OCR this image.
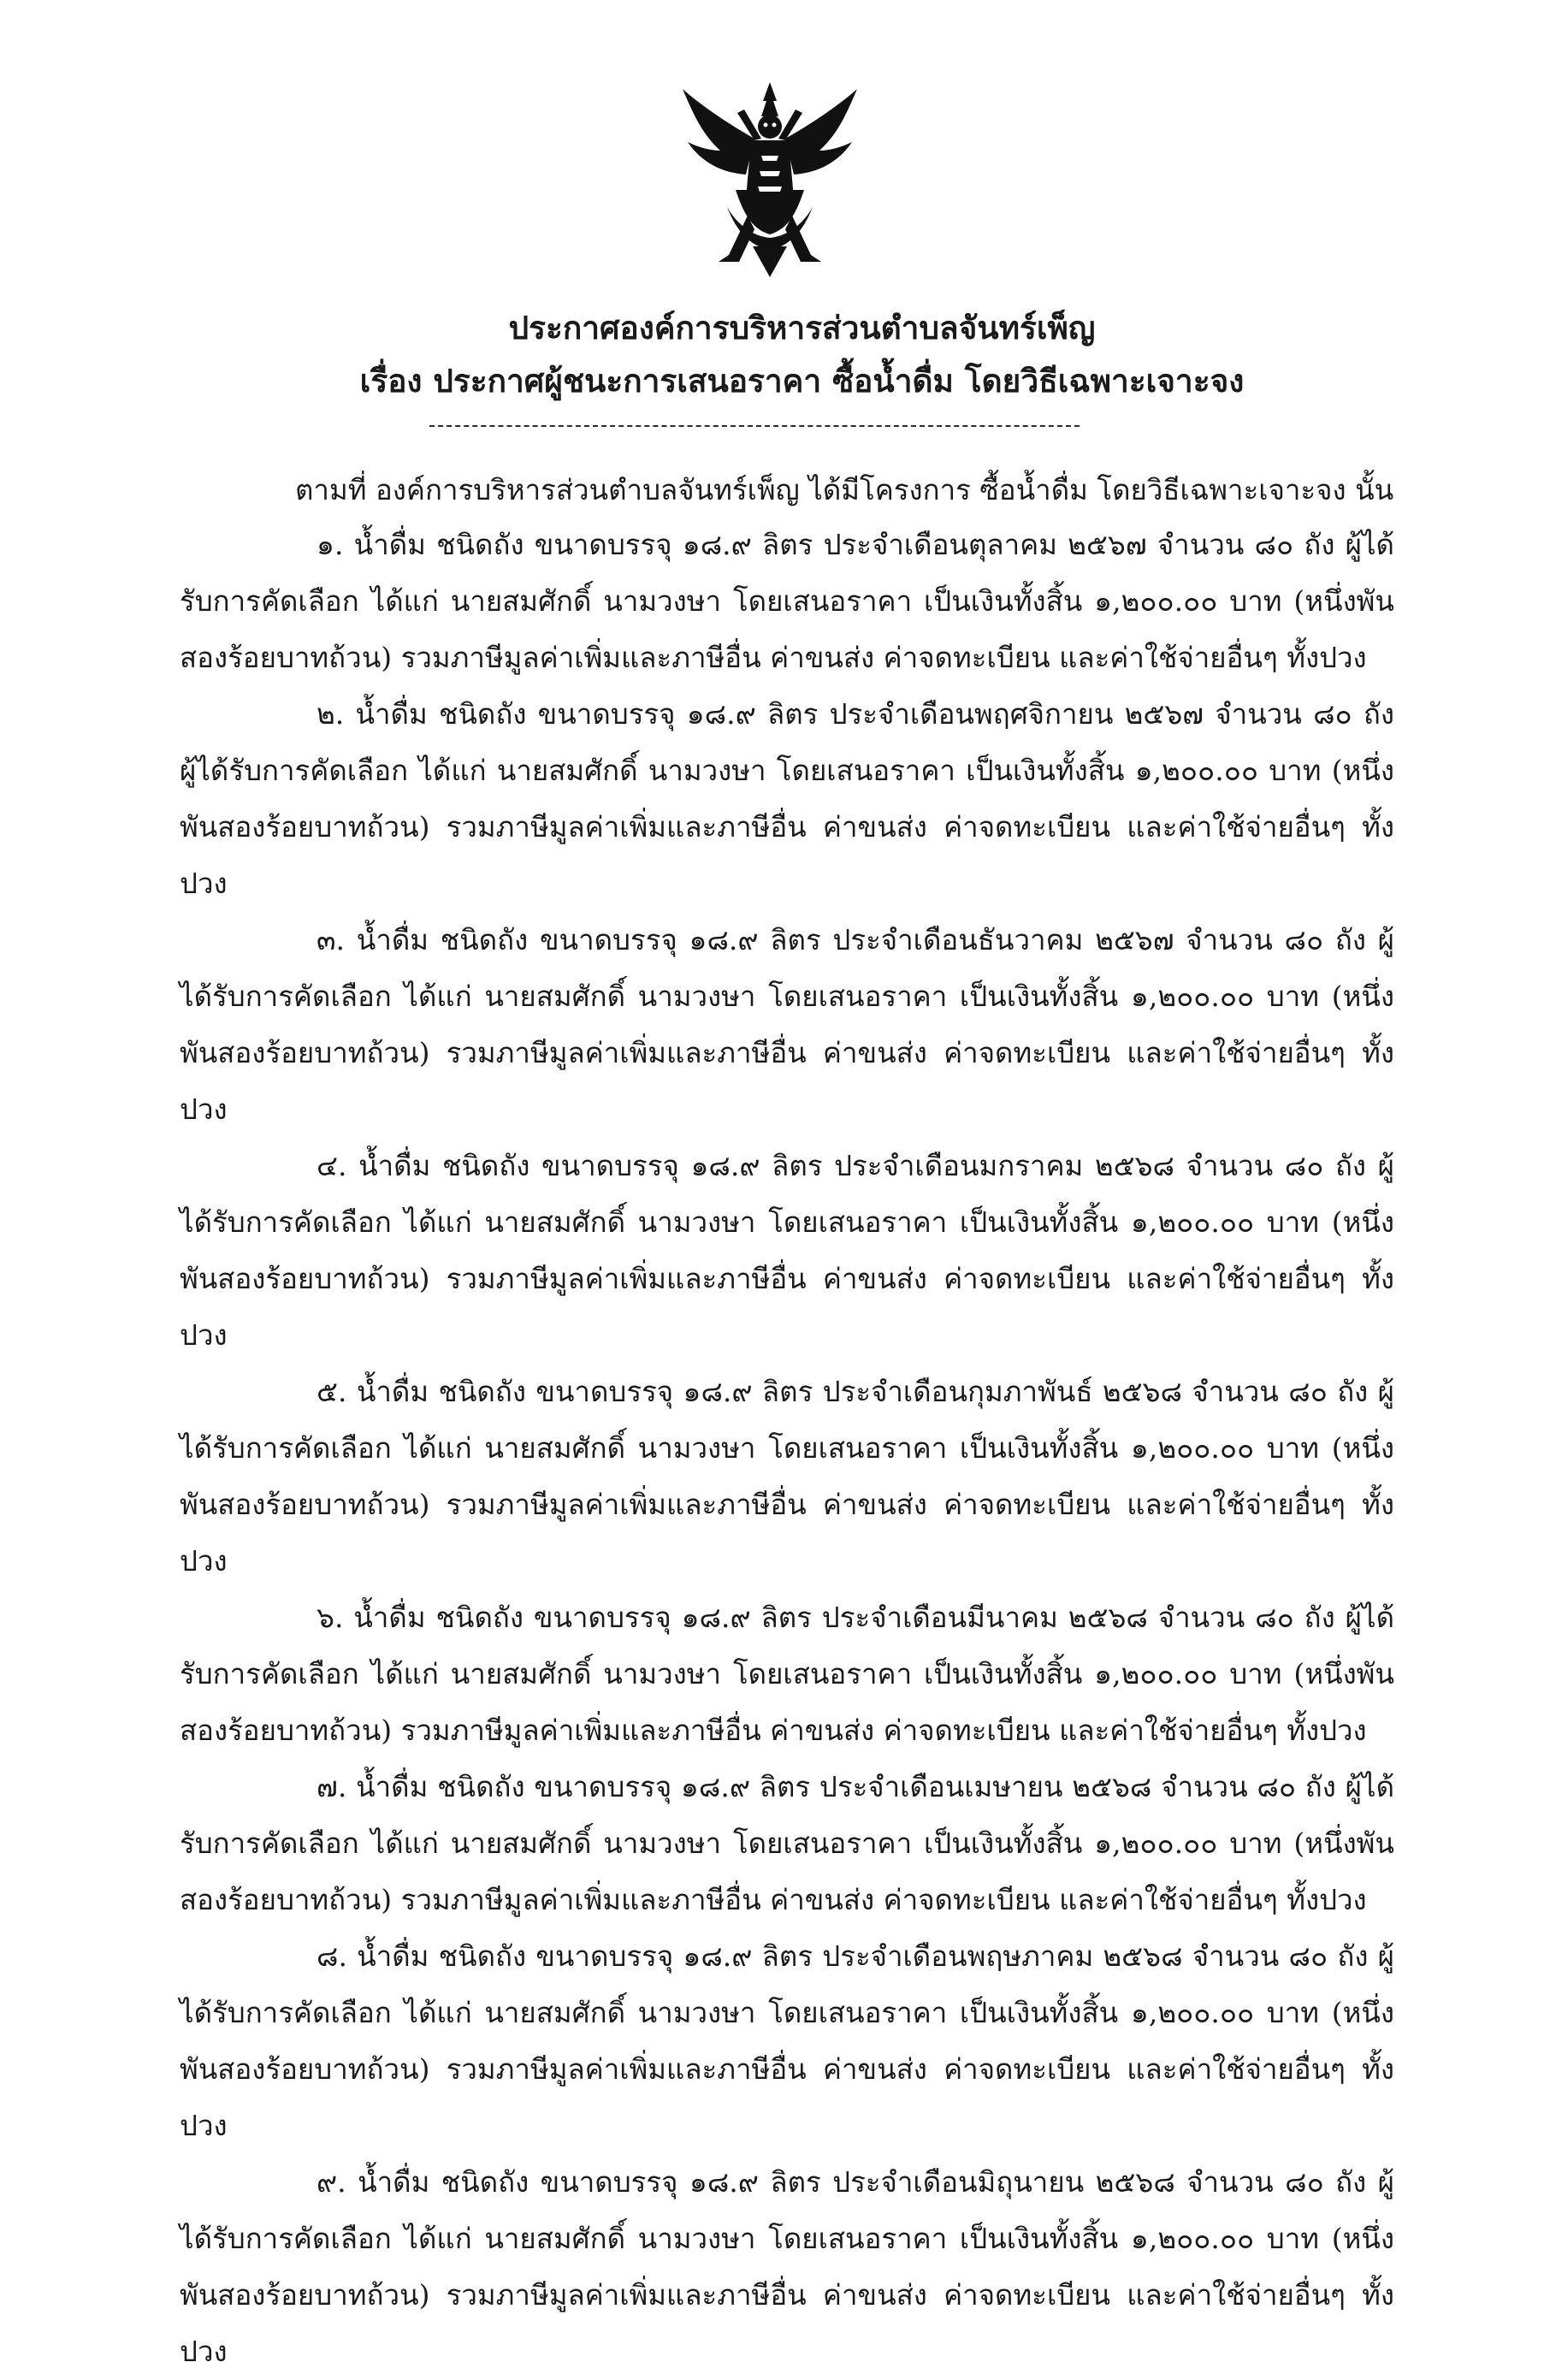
ประกาศองค์การบริหารส่วนตำบลจันทร์เพ็ญ

เรื่อง ประกาศผู้ชนะการเสนอราคา ซื้อน้ำดื่ม โดยวิธีเฉพาะเจาะจง

ตามที่ องค์การบริหารส่วนตำบลจันทร์เพ็ญ ได้มีโครงการ ซื้อน้ำดื่ม โดยวิธีเฉพาะเจาะจง นั้น

๑. น้ำดื่ม ชนิดถัง ขนาดบรรจุ ๑๘.๙ ลิตร ประจำเดือนตุลาคม ๒๕๖๗ จำนวน ๘๐ ถัง ผู้ได้รับการคัดเลือก ได้แก่ นายสมศักดิ์ นามวงษา โดยเสนอราคา เป็นเงินทั้งสิ้น ๑,๒๐๐.๐๐ บาท (หนึ่งพันสองร้อยบาทถ้วน) รวมภาษีมูลค่าเพิ่มและภาษีอื่น ค่าขนส่ง ค่าจดทะเบียน และค่าใช้จ่ายอื่นๆ ทั้งปวง

๒. น้ำดื่ม ชนิดถัง ขนาดบรรจุ ๑๘.๙ ลิตร ประจำเดือนพฤศจิกายน ๒๕๖๗ จำนวน ๘๐ ถัง ผู้ได้รับการคัดเลือก ได้แก่ นายสมศักดิ์ นามวงษา โดยเสนอราคา เป็นเงินทั้งสิ้น ๑,๒๐๐.๐๐ บาท (หนึ่งพันสองร้อยบาทถ้วน) รวมภาษีมูลค่าเพิ่มและภาษีอื่น ค่าขนส่ง ค่าจดทะเบียน และค่าใช้จ่ายอื่นๆ ทั้งปวง

๓. น้ำดื่ม ชนิดถัง ขนาดบรรจุ ๑๘.๙ ลิตร ประจำเดือนธันวาคม ๒๕๖๗ จำนวน ๘๐ ถัง ผู้ได้รับการคัดเลือก ได้แก่ นายสมศักดิ์ นามวงษา โดยเสนอราคา เป็นเงินทั้งสิ้น ๑,๒๐๐.๐๐ บาท (หนึ่งพันสองร้อยบาทถ้วน) รวมภาษีมูลค่าเพิ่มและภาษีอื่น ค่าขนส่ง ค่าจดทะเบียน และค่าใช้จ่ายอื่นๆ ทั้งปวง

๔. น้ำดื่ม ชนิดถัง ขนาดบรรจุ ๑๘.๙ ลิตร ประจำเดือนมกราคม ๒๕๖๘ จำนวน ๘๐ ถัง ผู้ได้รับการคัดเลือก ได้แก่ นายสมศักดิ์ นามวงษา โดยเสนอราคา เป็นเงินทั้งสิ้น ๑,๒๐๐.๐๐ บาท (หนึ่งพันสองร้อยบาทถ้วน) รวมภาษีมูลค่าเพิ่มและภาษีอื่น ค่าขนส่ง ค่าจดทะเบียน และค่าใช้จ่ายอื่นๆ ทั้งปวง

๕. น้ำดื่ม ชนิดถัง ขนาดบรรจุ ๑๘.๙ ลิตร ประจำเดือนกุมภาพันธ์ ๒๕๖๘ จำนวน ๘๐ ถัง ผู้ได้รับการคัดเลือก ได้แก่ นายสมศักดิ์ นามวงษา โดยเสนอราคา เป็นเงินทั้งสิ้น ๑,๒๐๐.๐๐ บาท (หนึ่งพันสองร้อยบาทถ้วน) รวมภาษีมูลค่าเพิ่มและภาษีอื่น ค่าขนส่ง ค่าจดทะเบียน และค่าใช้จ่ายอื่นๆ ทั้งปวง

๖. น้ำดื่ม ชนิดถัง ขนาดบรรจุ ๑๘.๙ ลิตร ประจำเดือนมีนาคม ๒๕๖๘ จำนวน ๘๐ ถัง ผู้ได้รับการคัดเลือก ได้แก่ นายสมศักดิ์ นามวงษา โดยเสนอราคา เป็นเงินทั้งสิ้น ๑,๒๐๐.๐๐ บาท (หนึ่งพันสองร้อยบาทถ้วน) รวมภาษีมูลค่าเพิ่มและภาษีอื่น ค่าขนส่ง ค่าจดทะเบียน และค่าใช้จ่ายอื่นๆ ทั้งปวง

๗. น้ำดื่ม ชนิดถัง ขนาดบรรจุ ๑๘.๙ ลิตร ประจำเดือนเมษายน ๒๕๖๘ จำนวน ๘๐ ถัง ผู้ได้รับการคัดเลือก ได้แก่ นายสมศักดิ์ นามวงษา โดยเสนอราคา เป็นเงินทั้งสิ้น ๑,๒๐๐.๐๐ บาท (หนึ่งพันสองร้อยบาทถ้วน) รวมภาษีมูลค่าเพิ่มและภาษีอื่น ค่าขนส่ง ค่าจดทะเบียน และค่าใช้จ่ายอื่นๆ ทั้งปวง

๘. น้ำดื่ม ชนิดถัง ขนาดบรรจุ ๑๘.๙ ลิตร ประจำเดือนพฤษภาคม ๒๕๖๘ จำนวน ๘๐ ถัง ผู้ได้รับการคัดเลือก ได้แก่ นายสมศักดิ์ นามวงษา โดยเสนอราคา เป็นเงินทั้งสิ้น ๑,๒๐๐.๐๐ บาท (หนึ่งพันสองร้อยบาทถ้วน) รวมภาษีมูลค่าเพิ่มและภาษีอื่น ค่าขนส่ง ค่าจดทะเบียน และค่าใช้จ่ายอื่นๆ ทั้งปวง

๙. น้ำดื่ม ชนิดถัง ขนาดบรรจุ ๑๘.๙ ลิตร ประจำเดือนมิถุนายน ๒๕๖๘ จำนวน ๘๐ ถัง ผู้ได้รับการคัดเลือก ได้แก่ นายสมศักดิ์ นามวงษา โดยเสนอราคา เป็นเงินทั้งสิ้น ๑,๒๐๐.๐๐ บาท (หนึ่งพันสองร้อยบาทถ้วน) รวมภาษีมูลค่าเพิ่มและภาษีอื่น ค่าขนส่ง ค่าจดทะเบียน และค่าใช้จ่ายอื่นๆ ทั้งปวง
